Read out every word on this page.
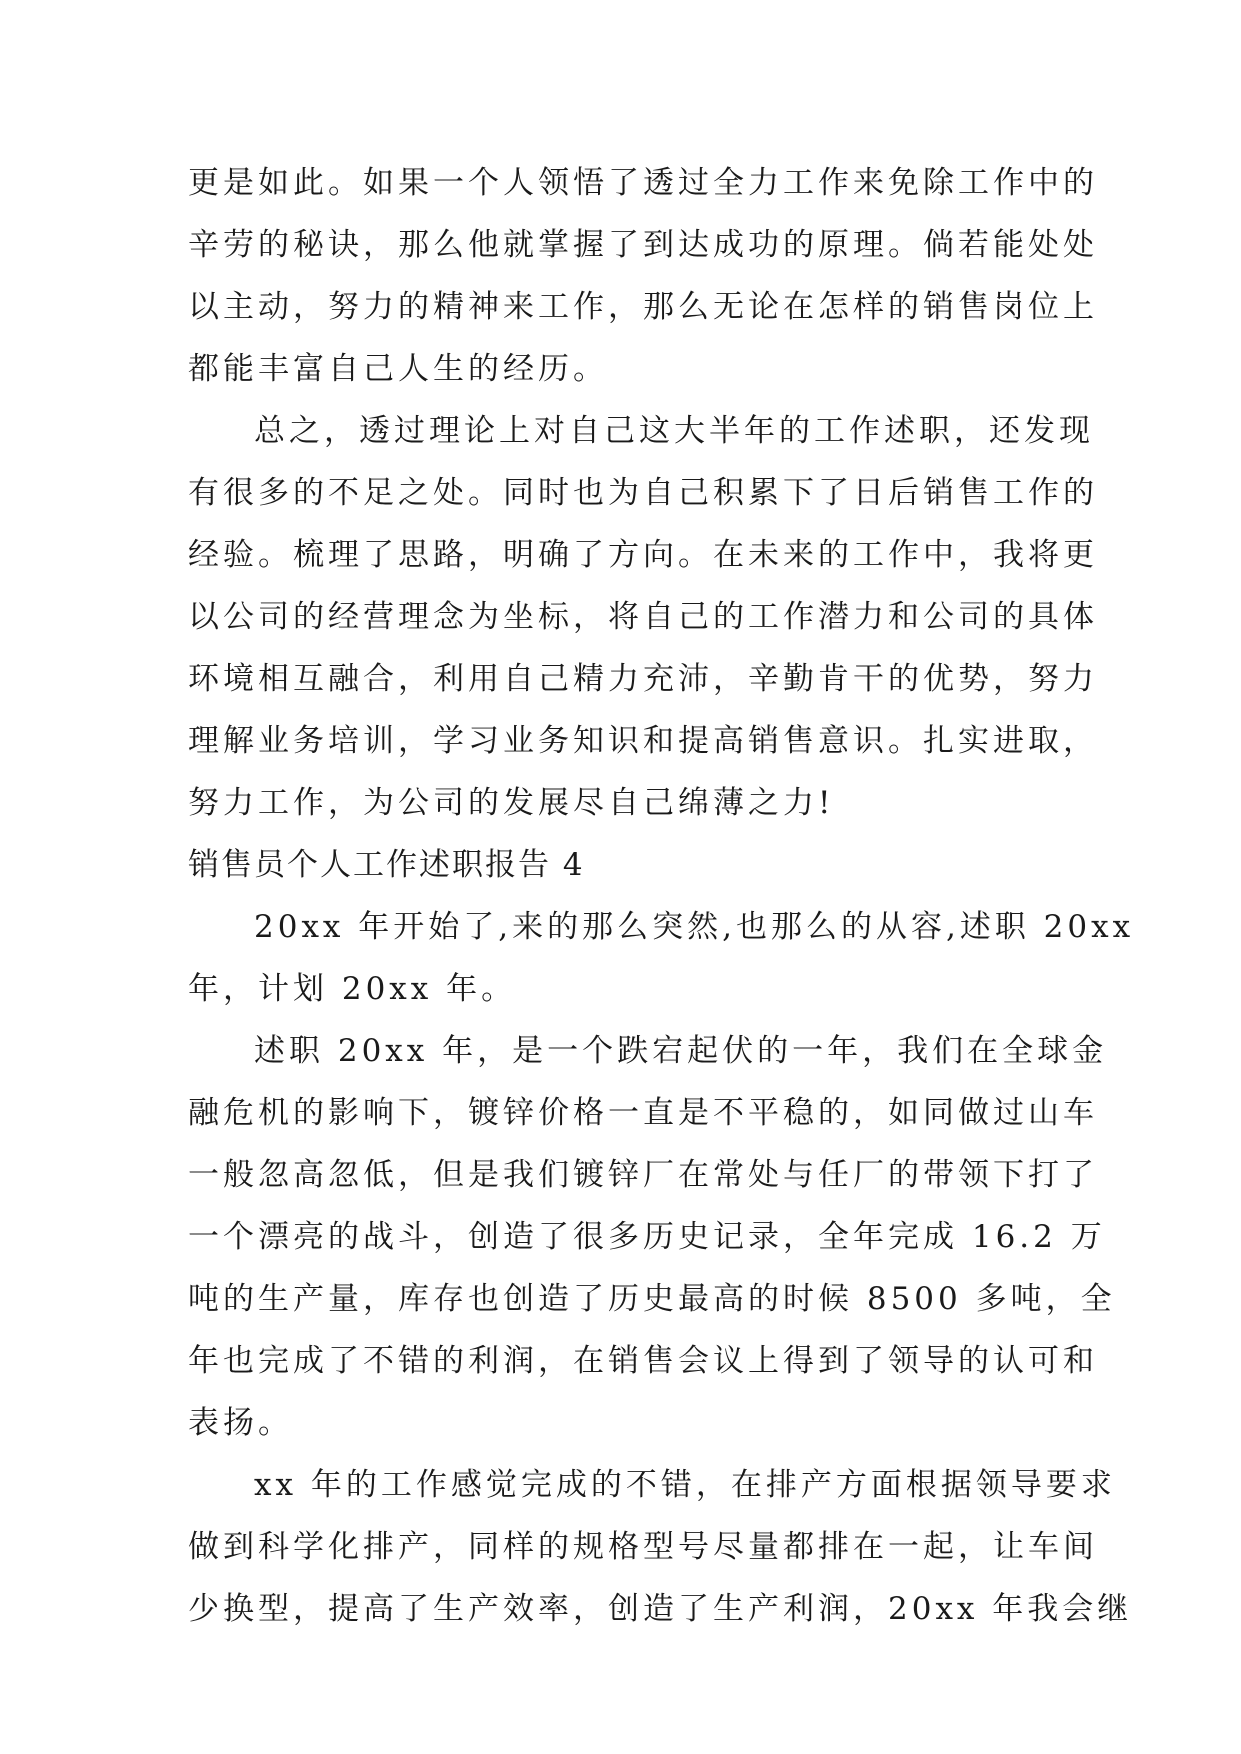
更是如此。如果一个人领悟了透过全力工作来免除工作中的
辛劳的秘诀，那么他就掌握了到达成功的原理。倘若能处处
以主动，努力的精神来工作，那么无论在怎样的销售岗位上
都能丰富自己人生的经历。
总之，透过理论上对自己这大半年的工作述职，还发现
有很多的不足之处。同时也为自己积累下了日后销售工作的
经验。梳理了思路，明确了方向。在未来的工作中，我将更
以公司的经营理念为坐标，将自己的工作潜力和公司的具体
环境相互融合，利用自己精力充沛，辛勤肯干的优势，努力
理解业务培训，学习业务知识和提高销售意识。扎实进取，
努力工作，为公司的发展尽自己绵薄之力!
销售员个人工作述职报告 4
20xx 年开始了,来的那么突然,也那么的从容,述职 20xx
年，计划 20xx 年。
述职 20xx 年，是一个跌宕起伏的一年，我们在全球金
融危机的影响下，镀锌价格一直是不平稳的，如同做过山车
一般忽高忽低，但是我们镀锌厂在常处与任厂的带领下打了
一个漂亮的战斗，创造了很多历史记录，全年完成 16.2 万
吨的生产量，库存也创造了历史最高的时候 8500 多吨，全
年也完成了不错的利润，在销售会议上得到了领导的认可和
表扬。
xx 年的工作感觉完成的不错，在排产方面根据领导要求
做到科学化排产，同样的规格型号尽量都排在一起，让车间
少换型，提高了生产效率，创造了生产利润，20xx 年我会继
